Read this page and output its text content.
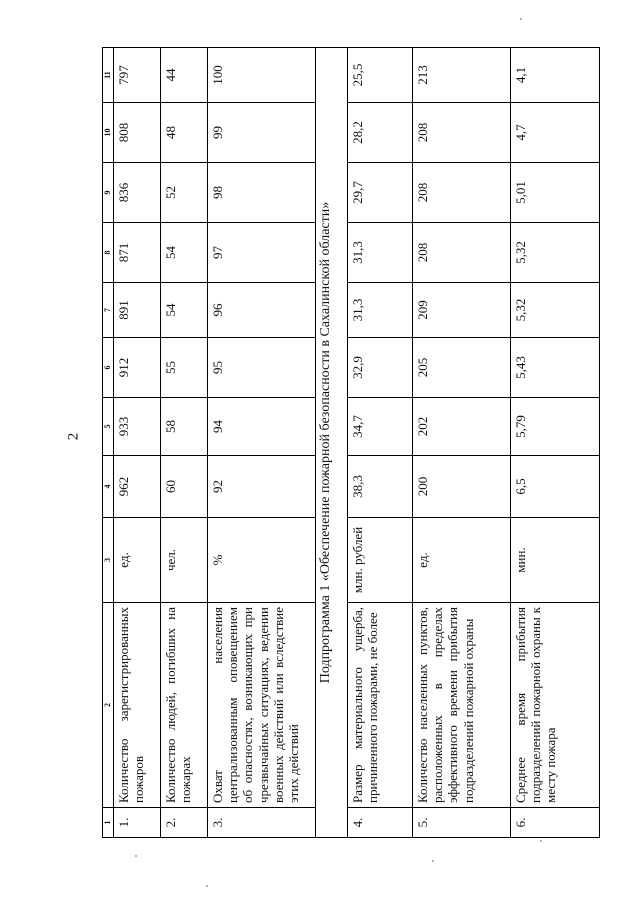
2
1	2	3	4	5	6	7	8	9	10	11
1.	Количество зарегистрированных пожаров	ед.	962	933	912	891	871	836	808	797
2.	Количество людей, погибших на пожарах	чел.	60	58	55	54	54	52	48	44
3.	Охват населения централизованным оповещением об опасностях, возникающих при чрезвычайных ситуациях, ведении военных действий или вследствие этих действий	%	92	94	95	96	97	98	99	100
Подпрограмма 1 «Обеспечение пожарной безопасности в Сахалинской области»										
4.	Размер материального ущерба, причиненного пожарами, не более	млн. рублей	38,3	34,7	32,9	31,3	31,3	29,7	28,2	25,5
5.	Количество населенных пунктов, расположенных в пределах эффективного времени прибытия подразделений пожарной охраны	ед.	200	202	205	209	208	208	208	213
6.	Среднее время прибытия подразделений пожарной охраны к месту пожара	мин.	6,5	5,79	5,43	5,32	5,32	5,01	4,7	4,1
